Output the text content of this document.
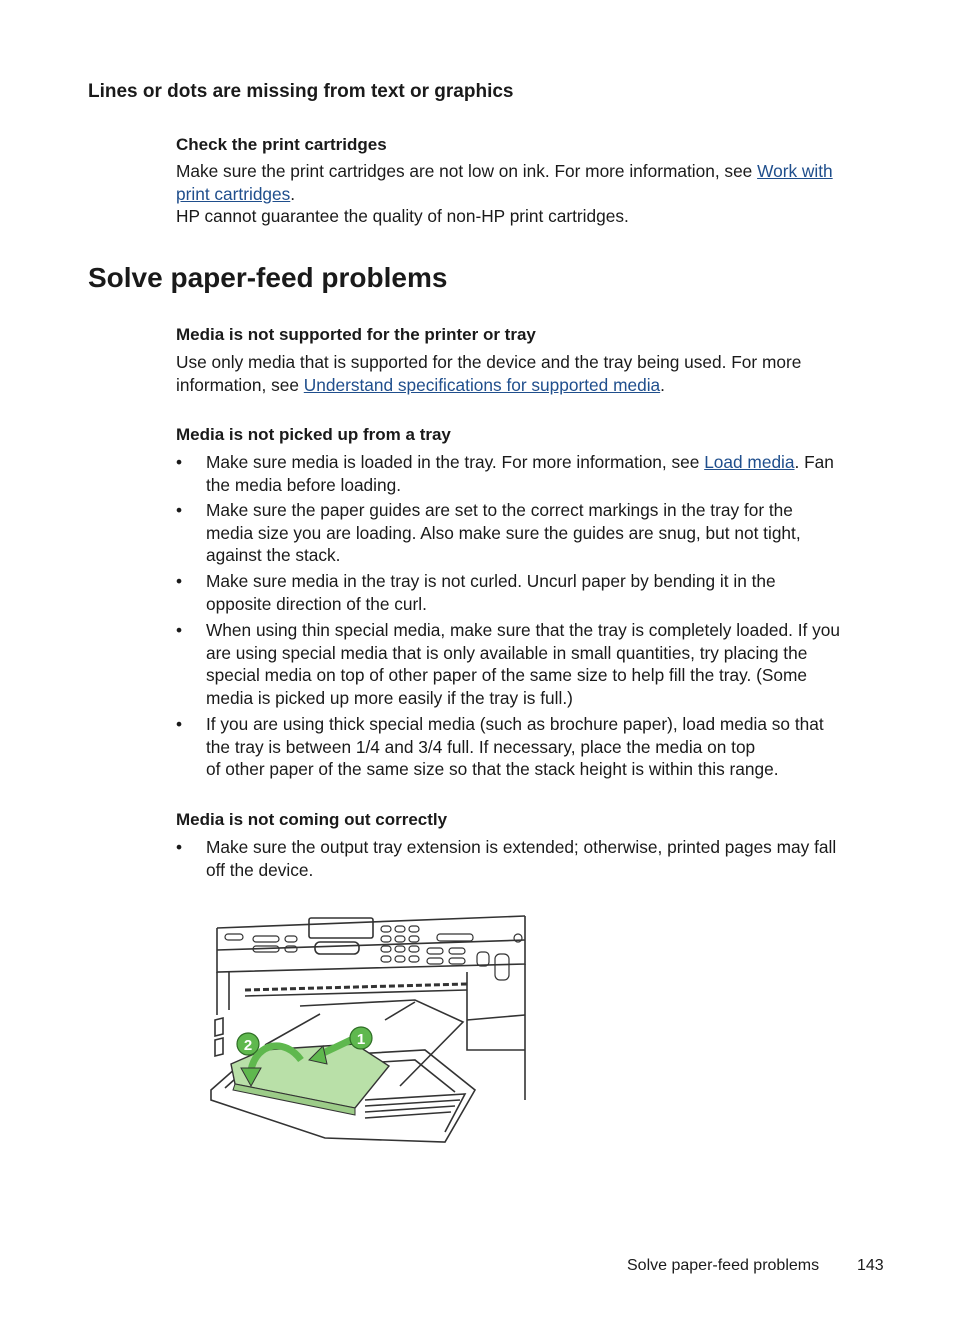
Lines or dots are missing from text or graphics
Check the print cartridges
Make sure the print cartridges are not low on ink. For more information, see Work with
print cartridges.
HP cannot guarantee the quality of non-HP print cartridges.
Solve paper-feed problems
Media is not supported for the printer or tray
Use only media that is supported for the device and the tray being used. For more
information, see Understand specifications for supported media.
Media is not picked up from a tray
• Make sure media is loaded in the tray. For more information, see Load media. Fan
the media before loading.
• Make sure the paper guides are set to the correct markings in the tray for the
media size you are loading. Also make sure the guides are snug, but not tight,
against the stack.
• Make sure media in the tray is not curled. Uncurl paper by bending it in the
opposite direction of the curl.
• When using thin special media, make sure that the tray is completely loaded. If you
are using special media that is only available in small quantities, try placing the
special media on top of other paper of the same size to help fill the tray. (Some
media is picked up more easily if the tray is full.)
• If you are using thick special media (such as brochure paper), load media so that
the tray is between 1/4 and 3/4 full. If necessary, place the media on top
of other paper of the same size so that the stack height is within this range.
Media is not coming out correctly
• Make sure the output tray extension is extended; otherwise, printed pages may fall
off the device.
1
2
Solve paper-feed problems 143
